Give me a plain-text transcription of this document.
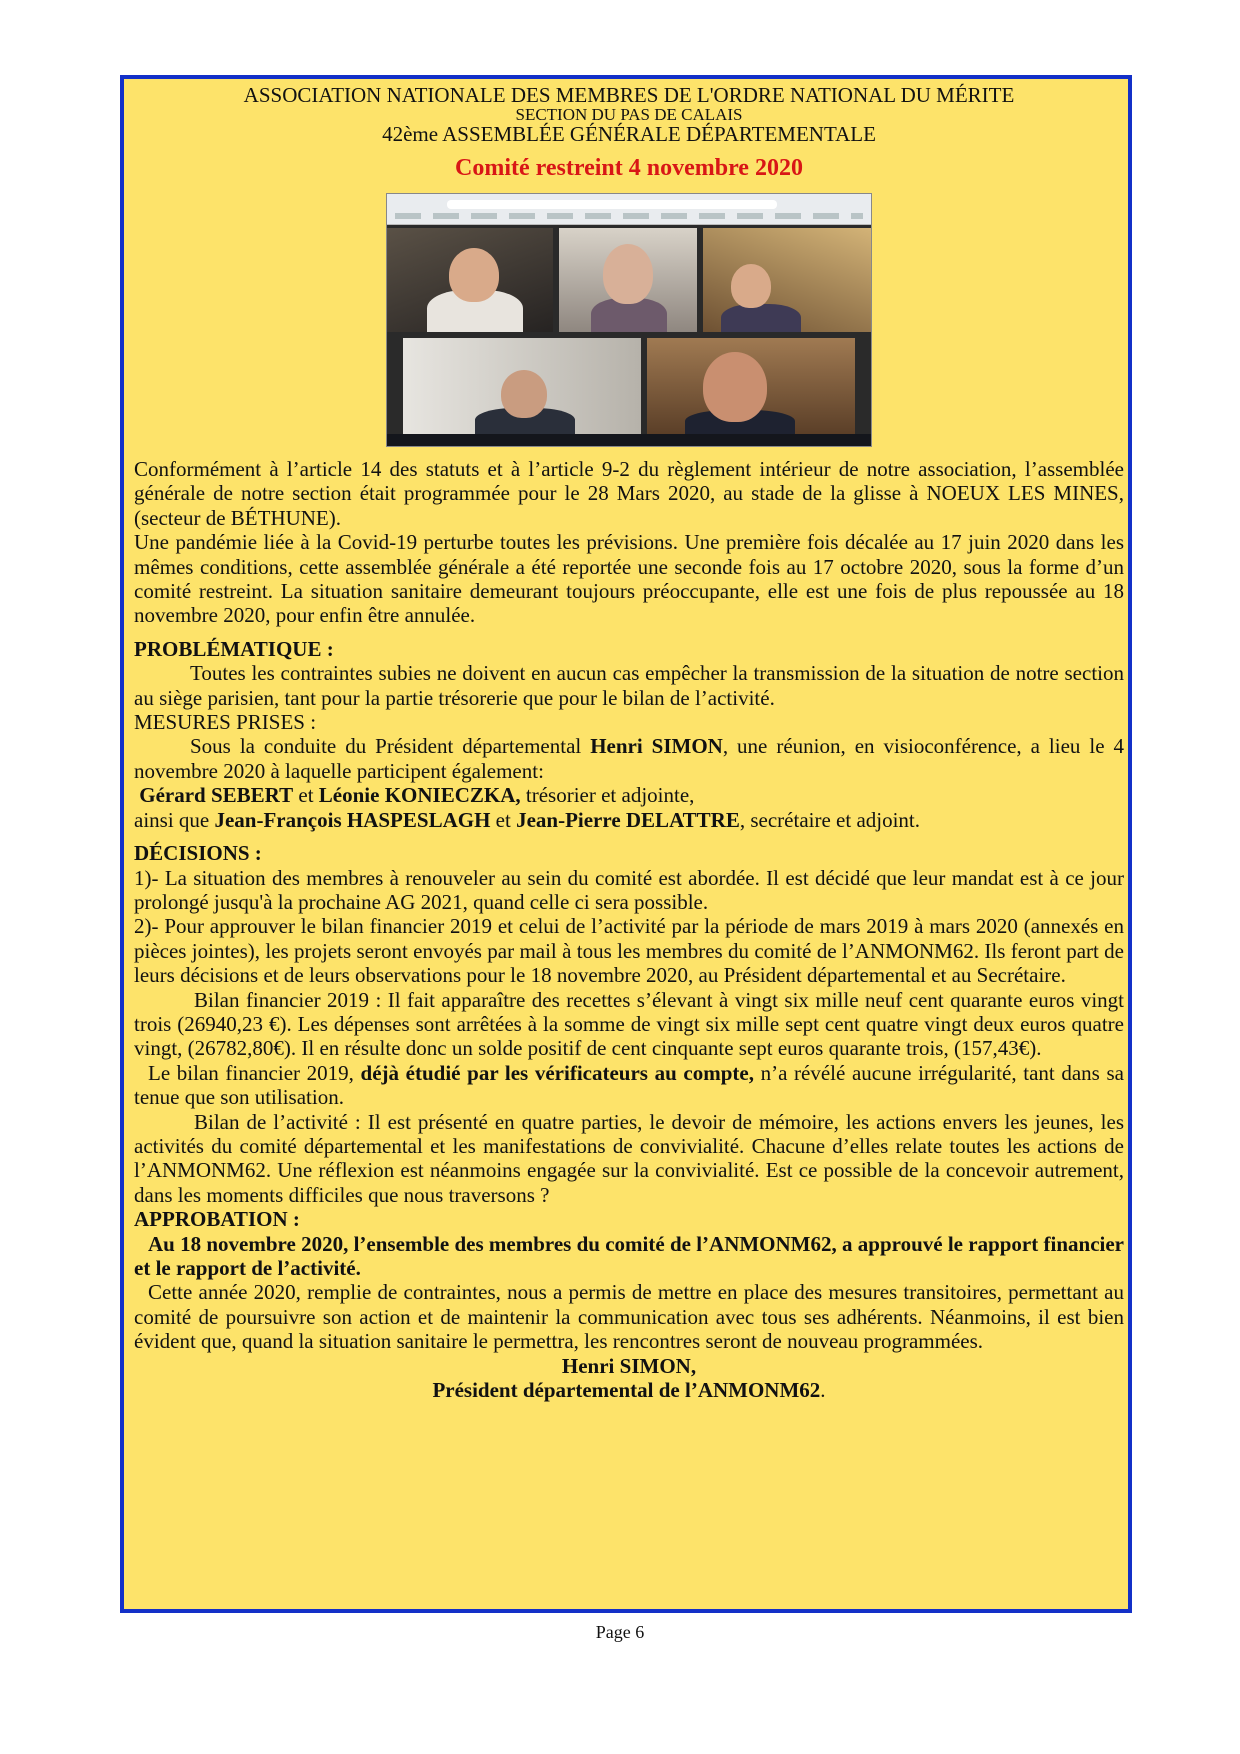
ASSOCIATION NATIONALE DES MEMBRES DE L'ORDRE NATIONAL DU MÉRITE
SECTION DU PAS DE CALAIS
42ème ASSEMBLÉE GÉNÉRALE DÉPARTEMENTALE
Comité restreint 4 novembre 2020

Conformément à l’article 14 des statuts et à l’article 9-2 du règlement intérieur de notre association, l’assemblée générale de notre section était programmée pour le 28 Mars 2020, au stade de la glisse à NOEUX LES MINES, (secteur de BÉTHUNE).

Une pandémie liée à la Covid-19 perturbe toutes les prévisions. Une première fois décalée au 17 juin 2020 dans les mêmes conditions, cette assemblée générale a été reportée une seconde fois au 17 octobre 2020, sous la forme d’un comité restreint. La situation sanitaire demeurant toujours préoccupante, elle est une fois de plus repoussée au 18 novembre 2020, pour enfin être annulée.

PROBLÉMATIQUE :

Toutes les contraintes subies ne doivent en aucun cas empêcher la transmission de la situation de notre section au siège parisien, tant pour la partie trésorerie que pour le bilan de l’activité.

MESURES PRISES :

Sous la conduite du Président départemental Henri SIMON, une réunion, en visioconférence, a lieu le 4 novembre 2020 à laquelle participent également:

Gérard SEBERT et Léonie KONIECZKA, trésorier et adjointe,

ainsi que Jean-François HASPESLAGH et Jean-Pierre DELATTRE, secrétaire et adjoint.

DÉCISIONS :

1)- La situation des membres à renouveler au sein du comité est abordée. Il est décidé que leur mandat est à ce jour prolongé jusqu'à la prochaine AG 2021, quand celle ci sera possible.

2)- Pour approuver le bilan financier 2019 et celui de l’activité par la période de mars 2019 à mars 2020 (annexés en pièces jointes), les projets seront envoyés par mail à tous les membres du comité de l’ANMONM62. Ils feront part de leurs décisions et de leurs observations pour le 18 novembre 2020, au Président départemental et au Secrétaire.

Bilan financier 2019 : Il fait apparaître des recettes s’élevant à vingt six mille neuf cent quarante euros vingt trois (26940,23 €). Les dépenses sont arrêtées à la somme de vingt six mille sept cent quatre vingt deux euros quatre vingt, (26782,80€). Il en résulte donc un solde positif de cent cinquante sept euros quarante trois, (157,43€).

Le bilan financier 2019, déjà étudié par les vérificateurs au compte, n’a révélé aucune irrégularité, tant dans sa tenue que son utilisation.

Bilan de l’activité : Il est présenté en quatre parties, le devoir de mémoire, les actions envers les jeunes, les activités du comité départemental et les manifestations de convivialité. Chacune d’elles relate toutes les actions de l’ANMONM62. Une réflexion est néanmoins engagée sur la convivialité. Est ce possible de la concevoir autrement, dans les moments difficiles que nous traversons ?

APPROBATION :

Au 18 novembre 2020, l’ensemble des membres du comité de l’ANMONM62, a approuvé le rapport financier et le rapport de l’activité.

Cette année 2020, remplie de contraintes, nous a permis de mettre en place des mesures transitoires, permettant au comité de poursuivre son action et de maintenir la communication avec tous ses adhérents. Néanmoins, il est bien évident que, quand la situation sanitaire le permettra, les rencontres seront de nouveau programmées.

Henri SIMON,

Président départemental de l’ANMONM62.

Page 6
